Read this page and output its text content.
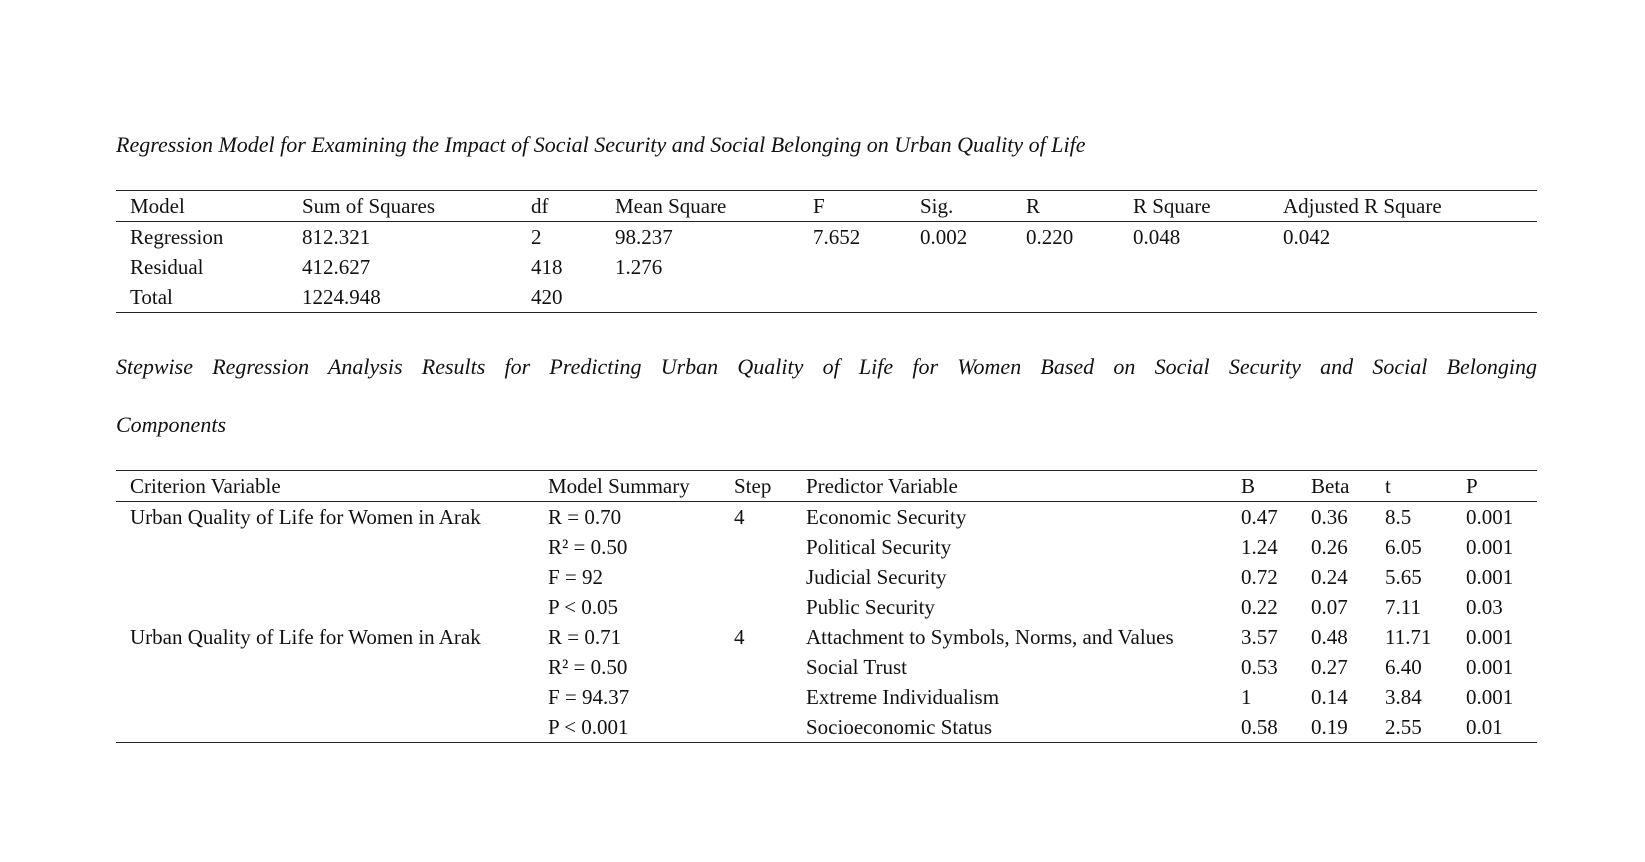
Regression Model for Examining the Impact of Social Security and Social Belonging on Urban Quality of Life
Model	Sum of Squares	df	Mean Square	F	Sig.	R	R Square	Adjusted R Square
Regression	812.321	2	98.237	7.652	0.002	0.220	0.048	0.042
Residual	412.627	418	1.276					
Total	1224.948	420						
Stepwise Regression Analysis Results for Predicting Urban Quality of Life for Women Based on Social Security and Social Belonging
Components
Criterion Variable	Model Summary	Step	Predictor Variable	B	Beta	t	P
Urban Quality of Life for Women in Arak	R = 0.70	4	Economic Security	0.47	0.36	8.5	0.001
	R² = 0.50		Political Security	1.24	0.26	6.05	0.001
	F = 92		Judicial Security	0.72	0.24	5.65	0.001
	P < 0.05		Public Security	0.22	0.07	7.11	0.03
Urban Quality of Life for Women in Arak	R = 0.71	4	Attachment to Symbols, Norms, and Values	3.57	0.48	11.71	0.001
	R² = 0.50		Social Trust	0.53	0.27	6.40	0.001
	F = 94.37		Extreme Individualism	1	0.14	3.84	0.001
	P < 0.001		Socioeconomic Status	0.58	0.19	2.55	0.01
